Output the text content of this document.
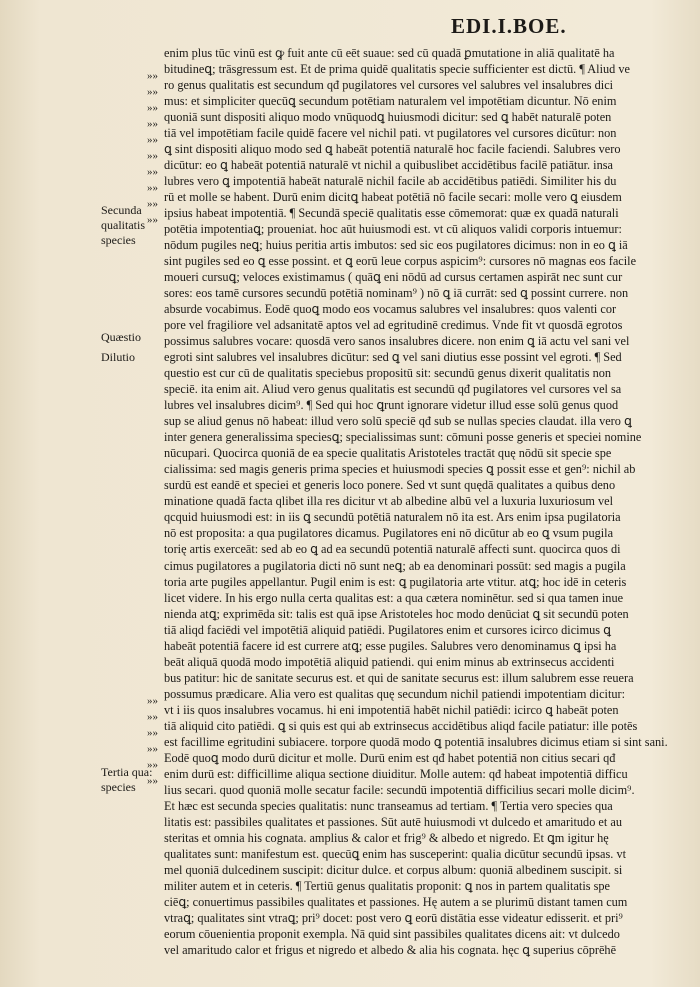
EDI.I.BOE.
»»
»»
»»
»»
»»
»»
»»
»»
»»
»»
»»
»»
»»
»»
»»
»»
Secunda qualitatis species
Quæstio
Dilutio
Tertia qua: species
enim plus tūc vinū est ꝙ fuit ante cū eēt suaue: sed cū quadā ꝑmutatione in aliā qualitatē ha
bitudineꝗ; trāsgressum est. Et de prima quidē qualitatis specie sufficienter est dictū. ¶ Aliud ve
ro genus qualitatis est secundum qđ pugilatores vel cursores vel salubres vel insalubres dici
mus: et simpliciter quecūꝗ secundum potētiam naturalem vel impotētiam dicuntur. Nō enim
quoniā sunt dispositi aliquo modo vnūquodꝗ huiusmodi dicitur: sed ꝗ habēt naturalē poten
tiā vel impotētiam facile quidē facere vel nichil pati. vt pugilatores vel cursores dicūtur: non
ꝗ sint dispositi aliquo modo sed ꝗ habeāt potentiā naturalē hoc facile faciendi. Salubres vero
dicūtur: eo ꝗ habeāt potentiā naturalē vt nichil a quibuslibet accidētibus facilē patiātur. insa
lubres vero ꝗ impotentiā habeāt naturalē nichil facile ab accidētibus patiēdi. Similiter his du
rū et molle se habent. Durū enim dicitꝗ habeat potētiā nō facile secari: molle vero ꝗ eiusdem
ipsius habeat impotentiā. ¶ Secundā speciē qualitatis esse cōmemorat: quæ ex quadā naturali
potētia impotentiaꝗ; proueniat. hoc aūt huiusmodi est. vt cū aliquos validi corporis intuemur:
nōdum pugiles neꝗ; huius peritia artis imbutos: sed sic eos pugilatores dicimus: non in eo ꝗ iā
sint pugiles sed eo ꝗ esse possint. et ꝗ eorū leue corpus aspicim⁹: cursores nō magnas eos facile
moueri cursuꝗ; veloces existimamus ( quāꝗ eni nōdū ad cursus certamen aspirāt nec sunt cur
sores: eos tamē cursores secundū potētiā nominam⁹ ) nō ꝗ iā currāt: sed ꝗ possint currere. non
absurde vocabimus. Eodē quoꝗ modo eos vocamus salubres vel insalubres: quos valenti cor
pore vel fragiliore vel adsanitatē aptos vel ad egritudinē credimus. Vnde fit vt quosdā egrotos
possimus salubres vocare: quosdā vero sanos insalubres dicere. non enim ꝗ iā actu vel sani vel
egroti sint salubres vel insalubres dicūtur: sed ꝗ vel sani diutius esse possint vel egroti. ¶ Sed
questio est cur cū de qualitatis speciebus propositū sit: secundū genus dixerit qualitatis non
speciē. ita enim ait. Aliud vero genus qualitatis est secundū qđ pugilatores vel cursores vel sa
lubres vel insalubres dicim⁹. ¶ Sed qui hoc ꝗrunt ignorare videtur illud esse solū genus quod
sup se aliud genus nō habeat: illud vero solū speciē qđ sub se nullas species claudat. illa vero ꝗ
inter genera generalissima speciesꝗ; specialissimas sunt: cōmuni posse generis et speciei nomine
nūcupari. Quocirca quoniā de ea specie qualitatis Aristoteles tractāt quę nōdū sit specie spe
cialissima: sed magis generis prima species et huiusmodi species ꝗ possit esse et gen⁹: nichil ab
surdū est eandē et speciei et generis loco ponere. Sed vt sunt quędā qualitates a quibus deno
minatione quadā facta qlibet illa res dicitur vt ab albedine albū vel a luxuria luxuriosum vel
qcquid huiusmodi est: in iis ꝗ secundū potētiā naturalem nō ita est. Ars enim ipsa pugilatoria
nō est proposita: a qua pugilatores dicamus. Pugilatores eni nō dicūtur ab eo ꝗ vsum pugila
torię artis exerceāt: sed ab eo ꝗ ad ea secundū potentiā naturalē affecti sunt. quocirca quos di
cimus pugilatores a pugilatoria dicti nō sunt neꝗ; ab ea denominari possūt: sed magis a pugila
toria arte pugiles appellantur. Pugil enim is est: ꝗ pugilatoria arte vtitur. atꝗ; hoc idē in ceteris
licet videre. In his ergo nulla certa qualitas est: a qua cætera nominētur. sed si qua tamen inue
nienda atꝗ; exprimēda sit: talis est quā ipse Aristoteles hoc modo denūciat ꝗ sit secundū poten
tiā aliqd faciēdi vel impotētiā aliquid patiēdi. Pugilatores enim et cursores icirco dicimus ꝗ
habeāt potentiā facere id est currere atꝗ; esse pugiles. Salubres vero denominamus ꝗ ipsi ha
beāt aliquā quodā modo impotētiā aliquid patiendi. qui enim minus ab extrinsecus accidenti
bus patitur: hic de sanitate securus est. et qui de sanitate securus est: illum salubrem esse reuera
possumus prædicare. Alia vero est qualitas quę secundum nichil patiendi impotentiam dicitur:
vt i iis quos insalubres vocamus. hi eni impotentiā habēt nichil patiēdi: icirco ꝗ habeāt poten
tiā aliquid cito patiēdi. ꝗ si quis est qui ab extrinsecus accidētibus aliqd facile patiatur: ille potēs
est facillime egritudini subiacere. torpore quodā modo ꝗ potentiā insalubres dicimus etiam si sint sani.
Eodē quoꝗ modo durū dicitur et molle. Durū enim est qđ habet potentiā non citius secari qđ
enim durū est: difficillime aliqua sectione diuiditur. Molle autem: qđ habeat impotentiā difficu
lius secari. quod quoniā molle secatur facile: secundū impotentiā difficilius secari molle dicim⁹.
Et hæc est secunda species qualitatis: nunc transeamus ad tertiam. ¶ Tertia vero species qua
litatis est: passibiles qualitates et passiones. Sūt autē huiusmodi vt dulcedo et amaritudo et au
steritas et omnia his cognata. amplius & calor et frig⁹ & albedo et nigredo. Et ꝗm igitur hę
qualitates sunt: manifestum est. quecūꝗ enim has susceperint: qualia dicūtur secundū ipsas. vt
mel quoniā dulcedinem suscipit: dicitur dulce. et corpus album: quoniā albedinem suscipit. si
militer autem et in ceteris. ¶ Tertiū genus qualitatis proponit: ꝗ nos in partem qualitatis spe
ciēꝗ; conuertimus passibiles qualitates et passiones. Hę autem a se plurimū distant tamen cum
vtraꝗ; qualitates sint vtraꝗ; pri⁹ docet: post vero ꝗ eorū distātia esse videatur edisserit. et pri⁹
eorum cōuenientia proponit exempla. Nā quid sint passibiles qualitates dicens ait: vt dulcedo
vel amaritudo calor et frigus et nigredo et albedo & alia his cognata. hęc ꝗ superius cōprēhē
